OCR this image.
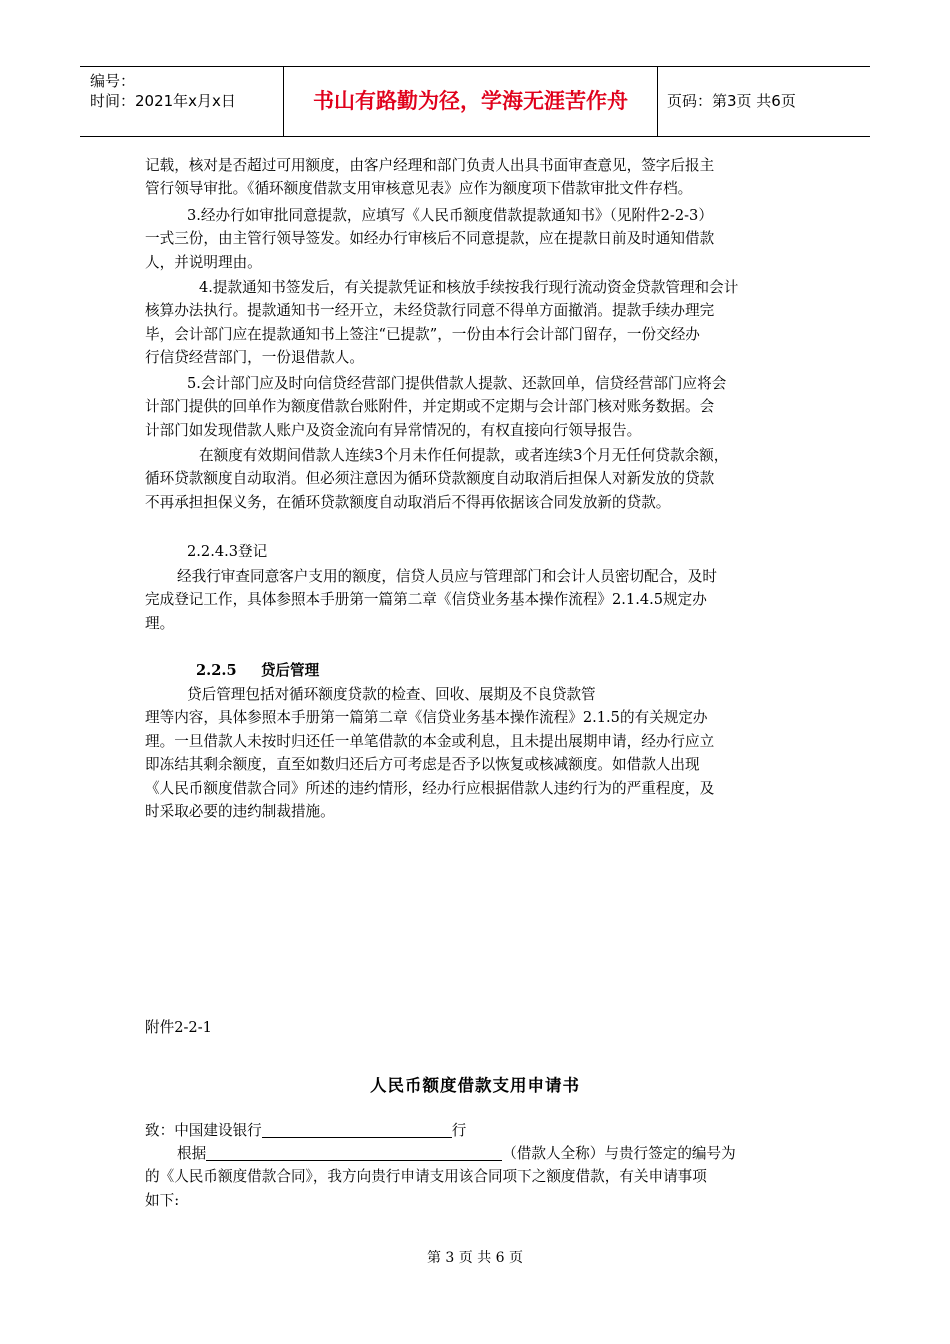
编号：
时间：2021年x月x日	书山有路勤为径，学海无涯苦作舟	页码：第3页 共6页
记载，核对是否超过可用额度，由客户经理和部门负责人出具书面审查意见，签字后报主
管行领导审批。《循环额度借款支用审核意见表》应作为额度项下借款审批文件存档。
3.经办行如审批同意提款，应填写《人民币额度借款提款通知书》（见附件2-2-3）
一式三份，由主管行领导签发。如经办行审核后不同意提款，应在提款日前及时通知借款
人，并说明理由。
4.提款通知书签发后，有关提款凭证和核放手续按我行现行流动资金贷款管理和会计
核算办法执行。提款通知书一经开立，未经贷款行同意不得单方面撤消。提款手续办理完
毕，会计部门应在提款通知书上签注“已提款”，一份由本行会计部门留存，一份交经办
行信贷经营部门，一份退借款人。
5.会计部门应及时向信贷经营部门提供借款人提款、还款回单，信贷经营部门应将会
计部门提供的回单作为额度借款台账附件，并定期或不定期与会计部门核对账务数据。会
计部门如发现借款人账户及资金流向有异常情况的，有权直接向行领导报告。
在额度有效期间借款人连续3个月未作任何提款，或者连续3个月无任何贷款余额，
循环贷款额度自动取消。但必须注意因为循环贷款额度自动取消后担保人对新发放的贷款
不再承担担保义务，在循环贷款额度自动取消后不得再依据该合同发放新的贷款。
2.2.4.3登记
经我行审查同意客户支用的额度，信贷人员应与管理部门和会计人员密切配合，及时
完成登记工作，具体参照本手册第一篇第二章《信贷业务基本操作流程》2.1.4.5规定办
理。
2.2.5 贷后管理
贷后管理包括对循环额度贷款的检查、回收、展期及不良贷款管
理等内容，具体参照本手册第一篇第二章《信贷业务基本操作流程》2.1.5的有关规定办
理。一旦借款人未按时归还任一单笔借款的本金或利息，且未提出展期申请，经办行应立
即冻结其剩余额度，直至如数归还后方可考虑是否予以恢复或核减额度。如借款人出现
《人民币额度借款合同》所述的违约情形，经办行应根据借款人违约行为的严重程度，及
时采取必要的违约制裁措施。
附件2-2-1
人民币额度借款支用申请书
致：中国建设银行	行
根据	（借款人全称）与贵行签定的编号为
的《人民币额度借款合同》，我方向贵行申请支用该合同项下之额度借款，有关申请事项
如下:
第 3 页 共 6 页
